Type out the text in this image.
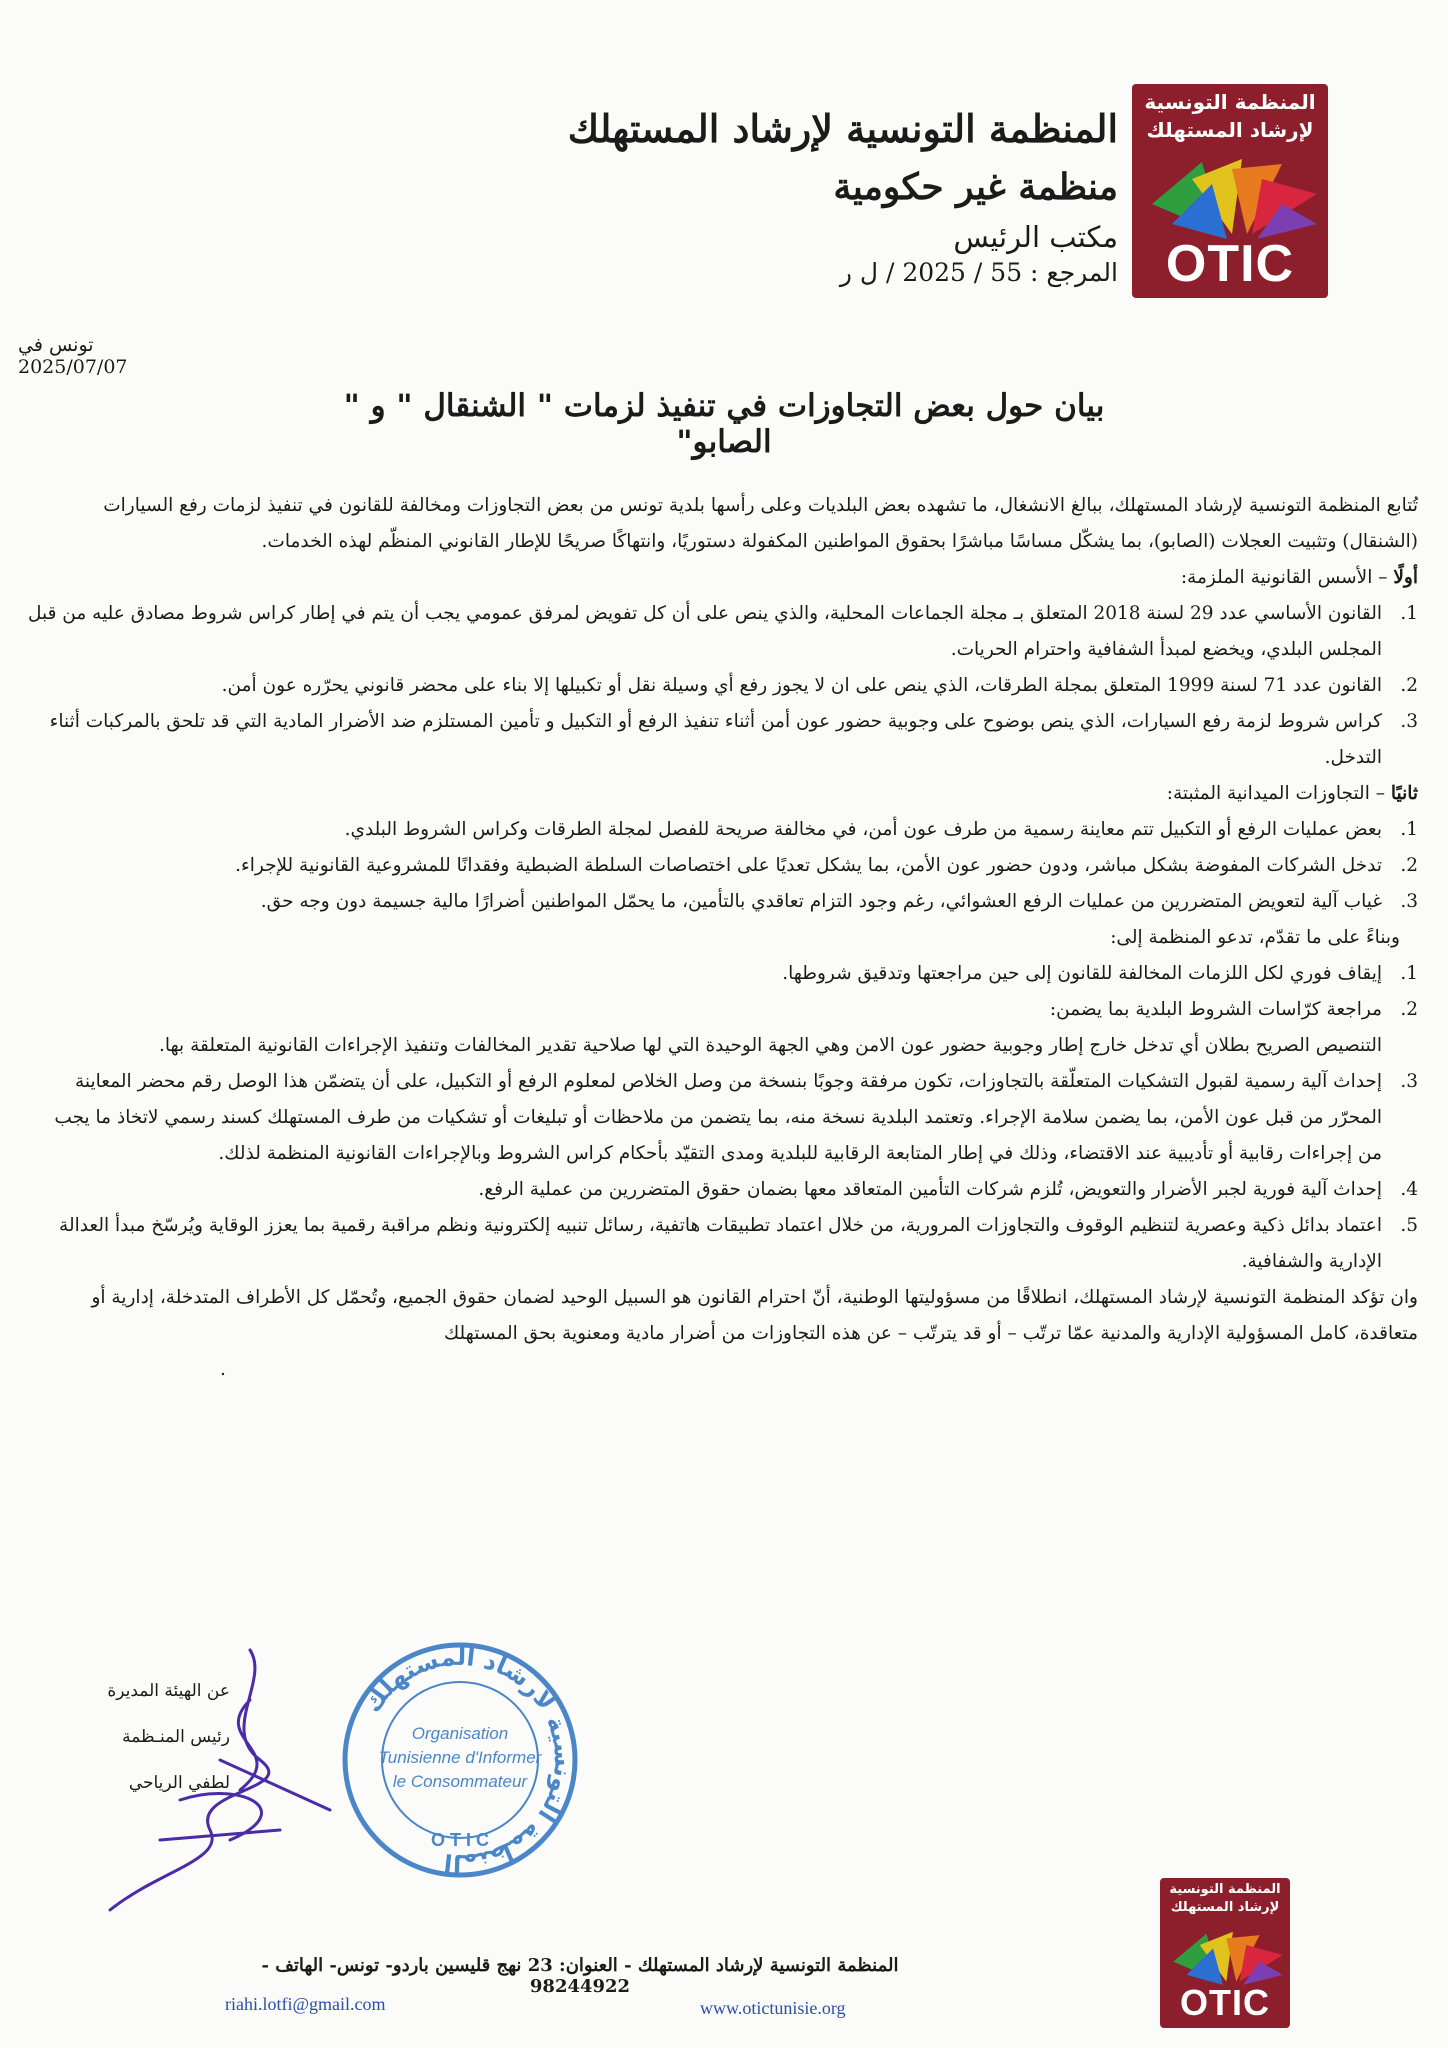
المنظمة التونسية
لإرشاد المستهلك
OTIC
المنظمة التونسية لإرشاد المستهلك
منظمة غير حكومية
مكتب الرئيس
المرجع : 55 / 2025 / ل ر
تونس في 2025/07/07
بيان حول بعض التجاوزات في تنفيذ لزمات " الشنقال " و " الصابو"

تُتابع المنظمة التونسية لإرشاد المستهلك، ببالغ الانشغال، ما تشهده بعض البلديات وعلى رأسها بلدية تونس من بعض التجاوزات ومخالفة للقانون في تنفيذ لزمات رفع السيارات (الشنقال) وتثبيت العجلات (الصابو)، بما يشكّل مساسًا مباشرًا بحقوق المواطنين المكفولة دستوريًا، وانتهاكًا صريحًا للإطار القانوني المنظّم لهذه الخدمات.

أولًا – الأسس القانونية الملزمة:

1.
القانون الأساسي عدد 29 لسنة 2018 المتعلق بـ مجلة الجماعات المحلية، والذي ينص على أن كل تفويض لمرفق عمومي يجب أن يتم في إطار كراس شروط مصادق عليه من قبل المجلس البلدي، ويخضع لمبدأ الشفافية واحترام الحريات.
2.
القانون عدد 71 لسنة 1999 المتعلق بمجلة الطرقات، الذي ينص على ان لا يجوز رفع أي وسيلة نقل أو تكبيلها إلا بناء على محضر قانوني يحرّره عون أمن.
3.
كراس شروط لزمة رفع السيارات، الذي ينص بوضوح على وجوبية حضور عون أمن أثناء تنفيذ الرفع أو التكبيل و تأمين المستلزم ضد الأضرار المادية التي قد تلحق بالمركبات أثناء التدخل.

ثانيًا – التجاوزات الميدانية المثبتة:

1.
بعض عمليات الرفع أو التكبيل تتم معاينة رسمية من طرف عون أمن، في مخالفة صريحة للفصل لمجلة الطرقات وكراس الشروط البلدي.
2.
تدخل الشركات المفوضة بشكل مباشر، ودون حضور عون الأمن، بما يشكل تعديًا على اختصاصات السلطة الضبطية وفقدانًا للمشروعية القانونية للإجراء.
3.
غياب آلية لتعويض المتضررين من عمليات الرفع العشوائي، رغم وجود التزام تعاقدي بالتأمين، ما يحمّل المواطنين أضرارًا مالية جسيمة دون وجه حق.

وبناءً على ما تقدّم، تدعو المنظمة إلى:

1.
إيقاف فوري لكل اللزمات المخالفة للقانون إلى حين مراجعتها وتدقيق شروطها.
2.
مراجعة كرّاسات الشروط البلدية بما يضمن:
التنصيص الصريح بطلان أي تدخل خارج إطار وجوبية حضور عون الامن وهي الجهة الوحيدة التي لها صلاحية تقدير المخالفات وتنفيذ الإجراءات القانونية المتعلقة بها.
3.
إحداث آلية رسمية لقبول التشكيات المتعلّقة بالتجاوزات، تكون مرفقة وجوبًا بنسخة من وصل الخلاص لمعلوم الرفع أو التكبيل، على أن يتضمّن هذا الوصل رقم محضر المعاينة المحرّر من قبل عون الأمن، بما يضمن سلامة الإجراء. وتعتمد البلدية نسخة منه، بما يتضمن من ملاحظات أو تبليغات أو تشكيات من طرف المستهلك كسند رسمي لاتخاذ ما يجب من إجراءات رقابية أو تأديبية عند الاقتضاء، وذلك في إطار المتابعة الرقابية للبلدية ومدى التقيّد بأحكام كراس الشروط وبالإجراءات القانونية المنظمة لذلك.
4.
إحداث آلية فورية لجبر الأضرار والتعويض، تُلزم شركات التأمين المتعاقد معها بضمان حقوق المتضررين من عملية الرفع.
5.
اعتماد بدائل ذكية وعصرية لتنظيم الوقوف والتجاوزات المرورية، من خلال اعتماد تطبيقات هاتفية، رسائل تنبيه إلكترونية ونظم مراقبة رقمية بما يعزز الوقاية ويُرسّخ مبدأ العدالة الإدارية والشفافية.

وان تؤكد المنظمة التونسية لإرشاد المستهلك، انطلاقًا من مسؤوليتها الوطنية، أنّ احترام القانون هو السبيل الوحيد لضمان حقوق الجميع، وتُحمّل كل الأطراف المتدخلة، إدارية أو متعاقدة، كامل المسؤولية الإدارية والمدنية عمّا ترتّب – أو قد يترتّب – عن هذه التجاوزات من أضرار مادية ومعنوية بحق المستهلك

.

عن الهيئة المديرة
رئيس المنـظمة
لطفي الرياحي
المنظمة التونسية لارشاد المستهلك
Organisation
Tunisienne d'Informer
le Consommateur
O T I C
المنظمة التونسية
لإرشاد المستهلك
OTIC
المنظمة التونسية لإرشاد المستهلك - العنوان: 23 نهج قليسين باردو- تونس- الهاتف - 98244922
riahi.lotfi@gmail.com	www.otictunisie.org
